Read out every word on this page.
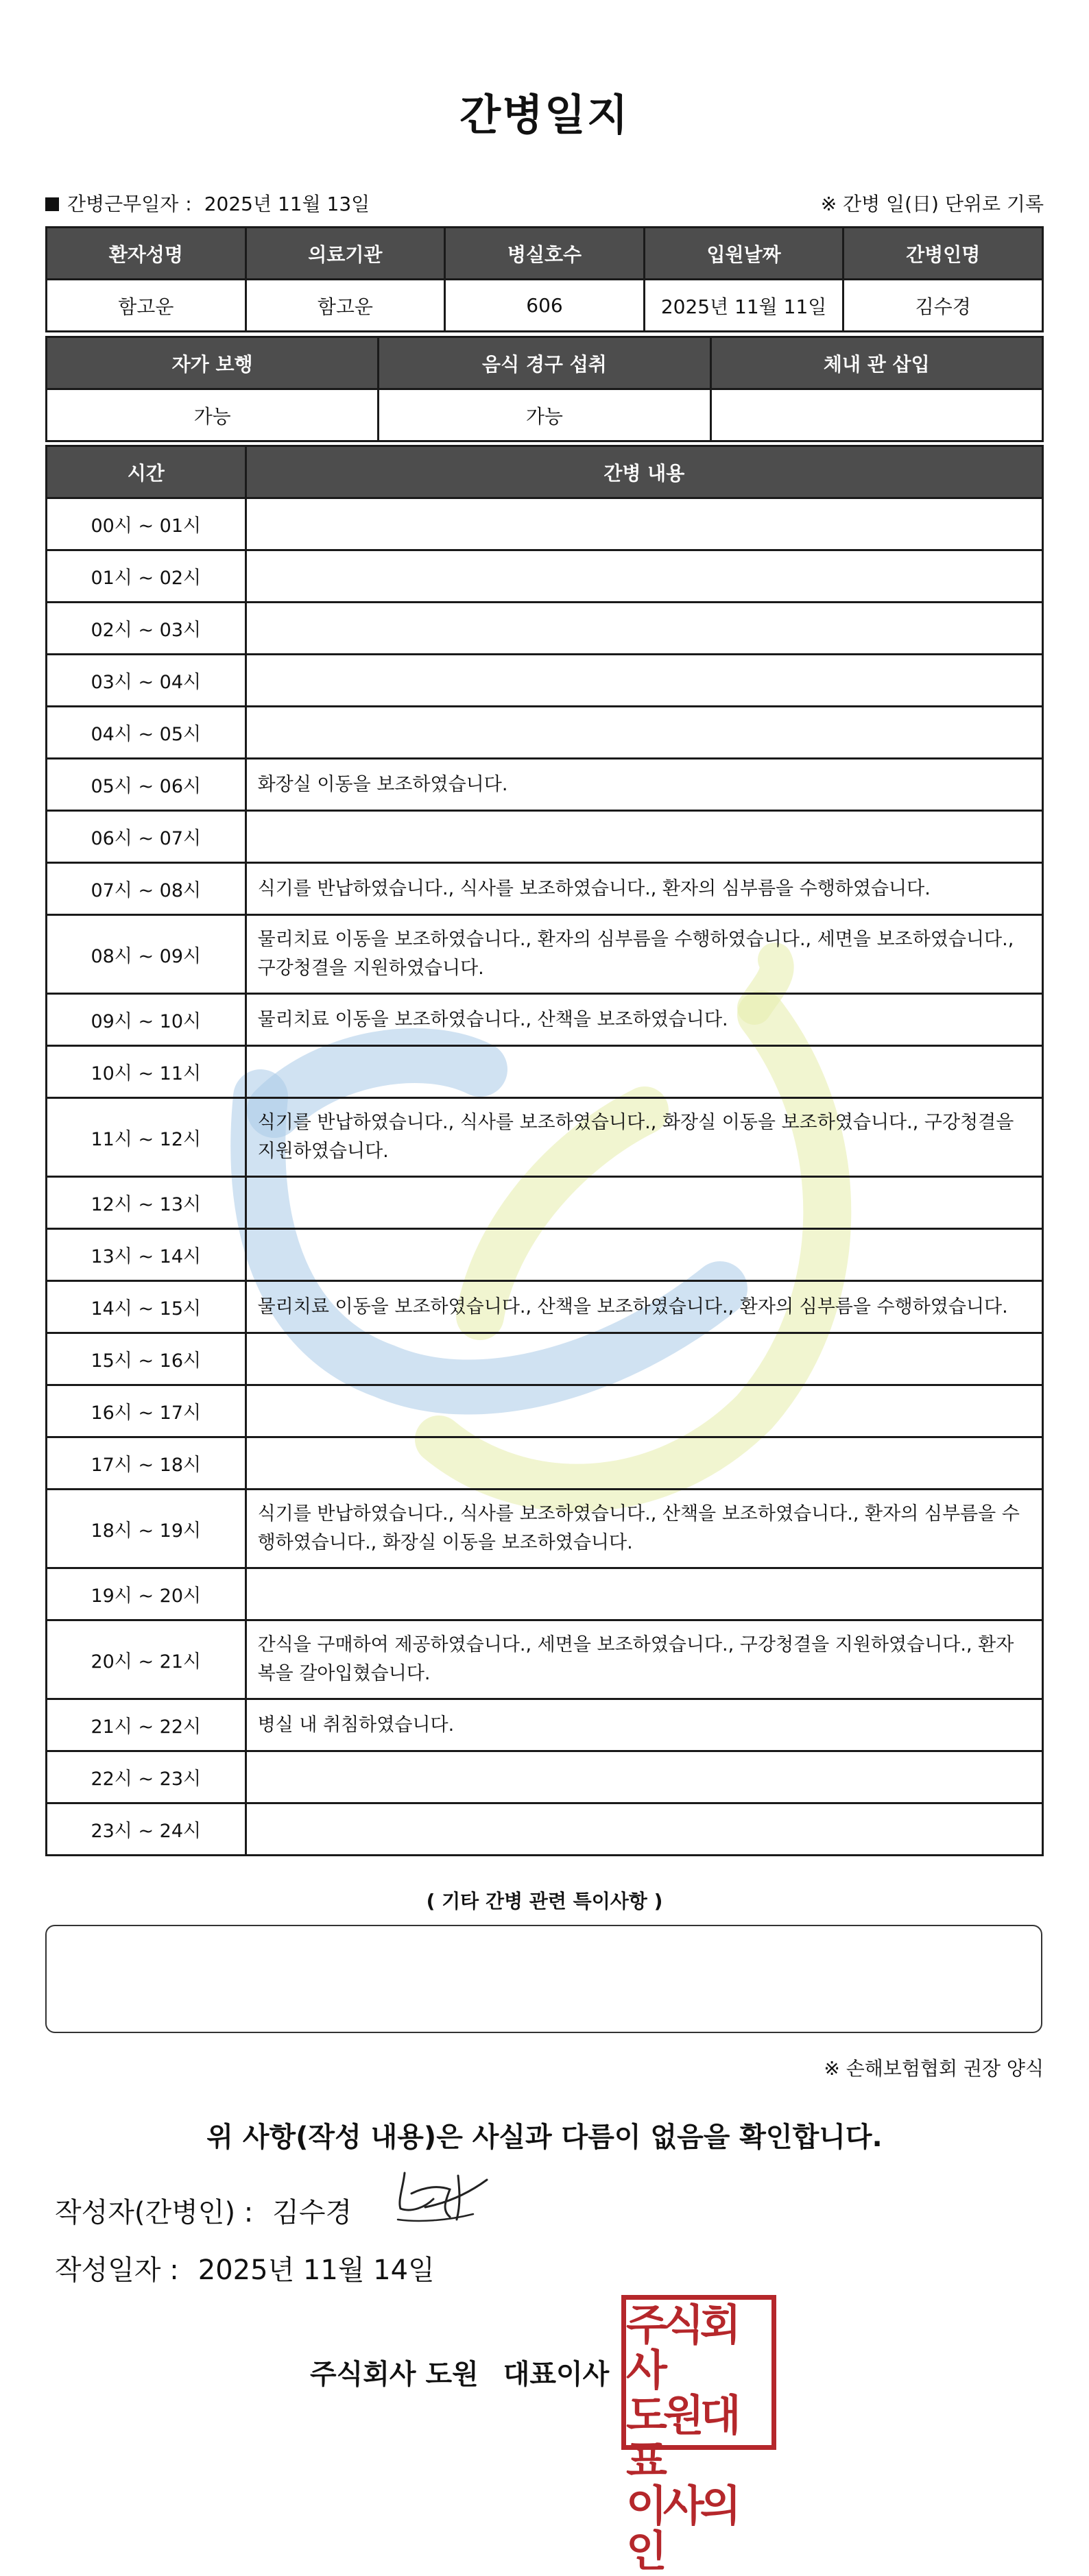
간병일지
간병근무일자 : 2025년 11월 13일	※ 간병 일(日) 단위로 기록
환자성명	의료기관	병실호수	입원날짜	간병인명
함고운	함고운	606	2025년 11월 11일	김수경
자가 보행	음식 경구 섭취	체내 관 삽입
가능	가능	
시간	간병 내용
00시 ~ 01시	
01시 ~ 02시	
02시 ~ 03시	
03시 ~ 04시	
04시 ~ 05시	
05시 ~ 06시	화장실 이동을 보조하였습니다.
06시 ~ 07시	
07시 ~ 08시	식기를 반납하였습니다., 식사를 보조하였습니다., 환자의 심부름을 수행하였습니다.
08시 ~ 09시	물리치료 이동을 보조하였습니다., 환자의 심부름을 수행하였습니다., 세면을 보조하였습니다., 구강청결을 지원하였습니다.
09시 ~ 10시	물리치료 이동을 보조하였습니다., 산책을 보조하였습니다.
10시 ~ 11시	
11시 ~ 12시	식기를 반납하였습니다., 식사를 보조하였습니다., 화장실 이동을 보조하였습니다., 구강청결을 지원하였습니다.
12시 ~ 13시	
13시 ~ 14시	
14시 ~ 15시	물리치료 이동을 보조하였습니다., 산책을 보조하였습니다., 환자의 심부름을 수행하였습니다.
15시 ~ 16시	
16시 ~ 17시	
17시 ~ 18시	
18시 ~ 19시	식기를 반납하였습니다., 식사를 보조하였습니다., 산책을 보조하였습니다., 환자의 심부름을 수행하였습니다., 화장실 이동을 보조하였습니다.
19시 ~ 20시	
20시 ~ 21시	간식을 구매하여 제공하였습니다., 세면을 보조하였습니다., 구강청결을 지원하였습니다., 환자복을 갈아입혔습니다.
21시 ~ 22시	병실 내 취침하였습니다.
22시 ~ 23시	
23시 ~ 24시	
( 기타 간병 관련 특이사항 )
※ 손해보험협회 권장 양식
위 사항(작성 내용)은 사실과 다름이 없음을 확인합니다.
작성자(간병인) : 김수경
작성일자 : 2025년 11월 14일
주식회사 도원 대표이사
주식회사
도원대표
이사의인
